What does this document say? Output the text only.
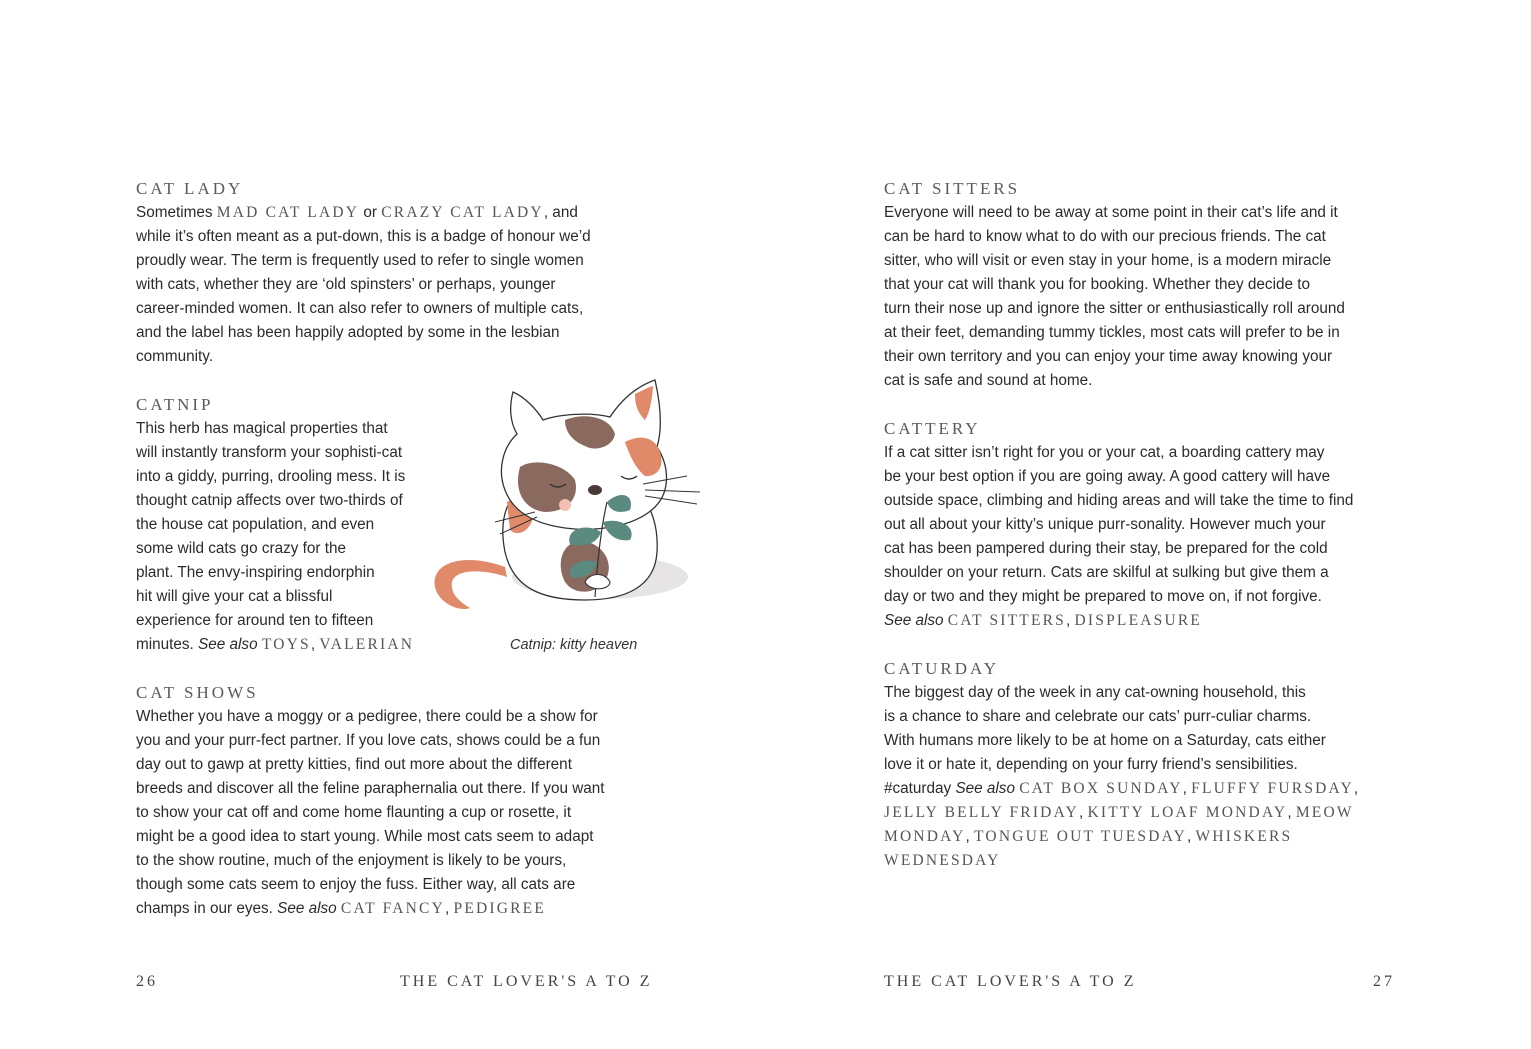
CAT LADY
Sometimes MAD CAT LADY or CRAZY CAT LADY, and
while it’s often meant as a put-down, this is a badge of honour we’d
proudly wear. The term is frequently used to refer to single women
with cats, whether they are ‘old spinsters’ or perhaps, younger
career-minded women. It can also refer to owners of multiple cats,
and the label has been happily adopted by some in the lesbian
community.
CATNIP
This herb has magical properties that
will instantly transform your sophisti-cat
into a giddy, purring, drooling mess. It is
thought catnip affects over two-thirds of
the house cat population, and even
some wild cats go crazy for the
plant. The envy-inspiring endorphin
hit will give your cat a blissful
experience for around ten to fifteen
minutes. See also TOYS, VALERIAN	Catnip: kitty heaven
CAT SHOWS
Whether you have a moggy or a pedigree, there could be a show for
you and your purr-fect partner. If you love cats, shows could be a fun
day out to gawp at pretty kitties, find out more about the different
breeds and discover all the feline paraphernalia out there. If you want
to show your cat off and come home flaunting a cup or rosette, it
might be a good idea to start young. While most cats seem to adapt
to the show routine, much of the enjoyment is likely to be yours,
though some cats seem to enjoy the fuss. Either way, all cats are
champs in our eyes. See also CAT FANCY, PEDIGREE
26	THE CAT LOVER'S A TO Z
CAT SITTERS
Everyone will need to be away at some point in their cat’s life and it
can be hard to know what to do with our precious friends. The cat
sitter, who will visit or even stay in your home, is a modern miracle
that your cat will thank you for booking. Whether they decide to
turn their nose up and ignore the sitter or enthusiastically roll around
at their feet, demanding tummy tickles, most cats will prefer to be in
their own territory and you can enjoy your time away knowing your
cat is safe and sound at home.
CATTERY
If a cat sitter isn’t right for you or your cat, a boarding cattery may
be your best option if you are going away. A good cattery will have
outside space, climbing and hiding areas and will take the time to find
out all about your kitty’s unique purr-sonality. However much your
cat has been pampered during their stay, be prepared for the cold
shoulder on your return. Cats are skilful at sulking but give them a
day or two and they might be prepared to move on, if not forgive.
See also CAT SITTERS, DISPLEASURE
CATURDAY
The biggest day of the week in any cat-owning household, this
is a chance to share and celebrate our cats’ purr-culiar charms.
With humans more likely to be at home on a Saturday, cats either
love it or hate it, depending on your furry friend’s sensibilities.
#caturday See also CAT BOX SUNDAY, FLUFFY FURSDAY,
JELLY BELLY FRIDAY, KITTY LOAF MONDAY, MEOW
MONDAY, TONGUE OUT TUESDAY, WHISKERS
WEDNESDAY
THE CAT LOVER'S A TO Z	27
